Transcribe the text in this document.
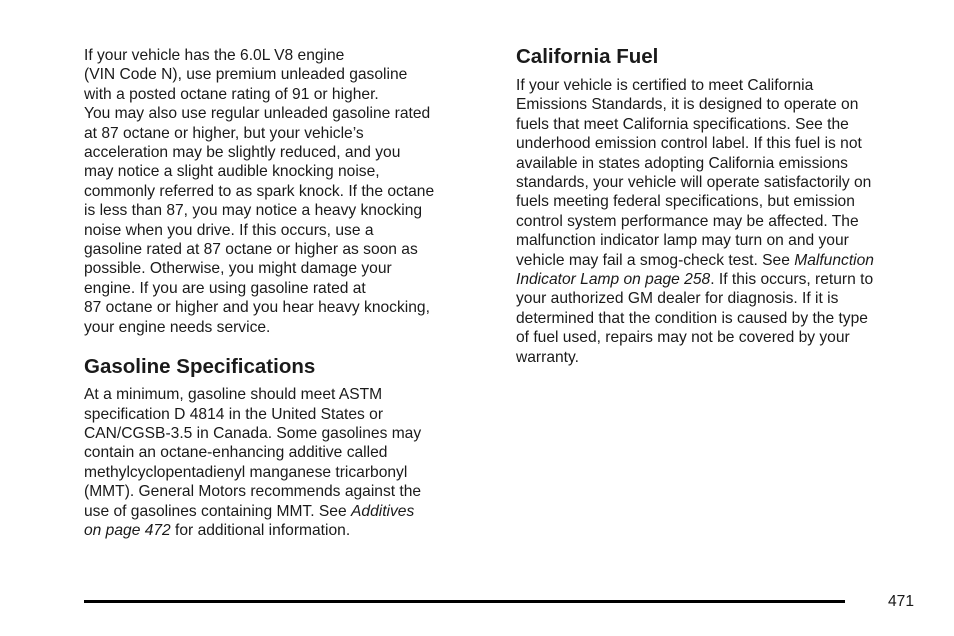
If your vehicle has the 6.0L V8 engine
(VIN Code N), use premium unleaded gasoline
with a posted octane rating of 91 or higher.
You may also use regular unleaded gasoline rated
at 87 octane or higher, but your vehicle’s
acceleration may be slightly reduced, and you
may notice a slight audible knocking noise,
commonly referred to as spark knock. If the octane
is less than 87, you may notice a heavy knocking
noise when you drive. If this occurs, use a
gasoline rated at 87 octane or higher as soon as
possible. Otherwise, you might damage your
engine. If you are using gasoline rated at
87 octane or higher and you hear heavy knocking,
your engine needs service.
Gasoline Specifications
At a minimum, gasoline should meet ASTM
specification D 4814 in the United States or
CAN/CGSB-3.5 in Canada. Some gasolines may
contain an octane-enhancing additive called
methylcyclopentadienyl manganese tricarbonyl
(MMT). General Motors recommends against the
use of gasolines containing MMT. See Additives
on page 472 for additional information.
California Fuel
If your vehicle is certified to meet California
Emissions Standards, it is designed to operate on
fuels that meet California specifications. See the
underhood emission control label. If this fuel is not
available in states adopting California emissions
standards, your vehicle will operate satisfactorily on
fuels meeting federal specifications, but emission
control system performance may be affected. The
malfunction indicator lamp may turn on and your
vehicle may fail a smog-check test. See Malfunction
Indicator Lamp on page 258. If this occurs, return to
your authorized GM dealer for diagnosis. If it is
determined that the condition is caused by the type
of fuel used, repairs may not be covered by your
warranty.
471
